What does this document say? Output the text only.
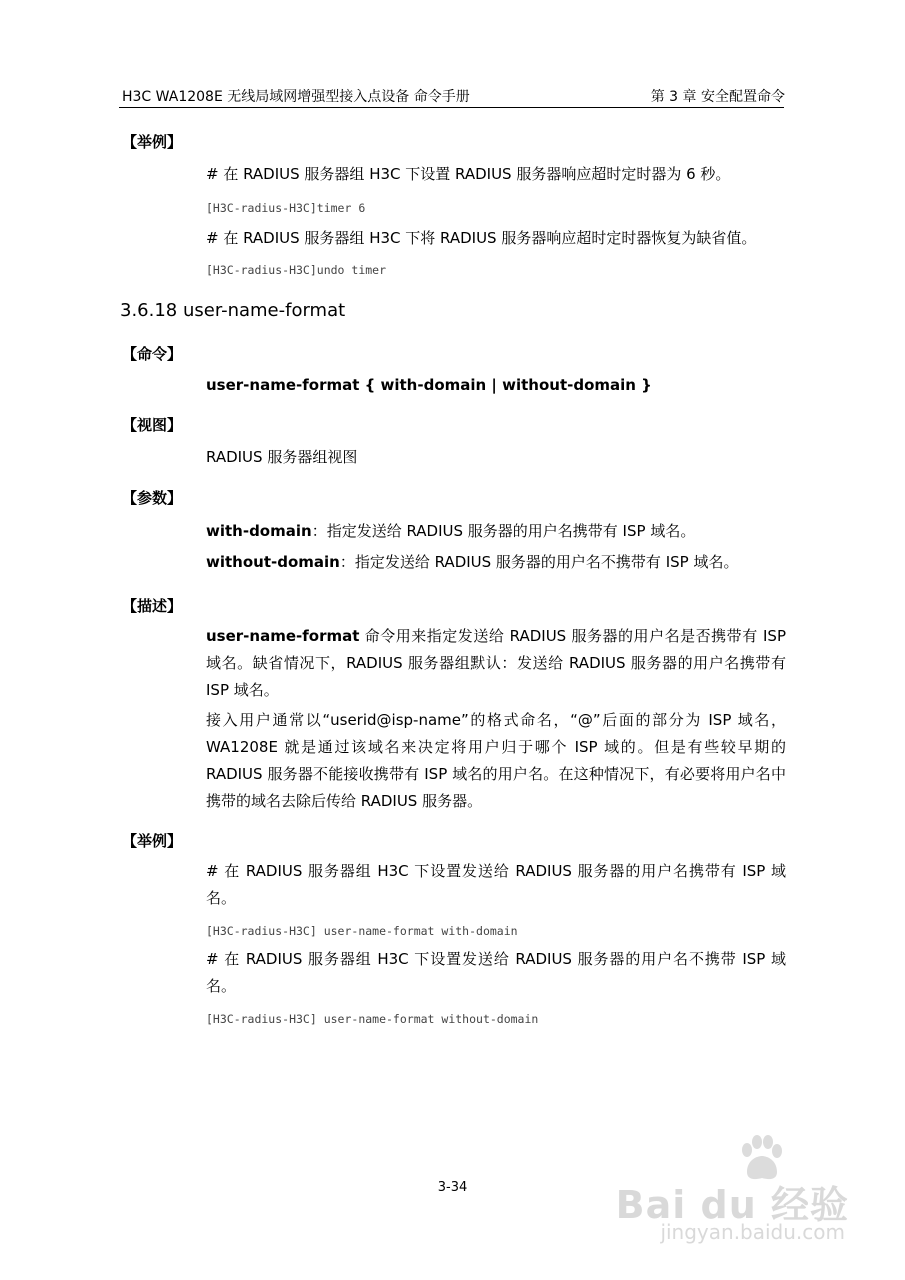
H3C WA1208E 无线局域网增强型接入点设备 命令手册	第 3 章 安全配置命令
【举例】
# 在 RADIUS 服务器组 H3C 下设置 RADIUS 服务器响应超时定时器为 6 秒。
[H3C-radius-H3C]timer 6
# 在 RADIUS 服务器组 H3C 下将 RADIUS 服务器响应超时定时器恢复为缺省值。
[H3C-radius-H3C]undo timer
3.6.18 user-name-format
【命令】
user-name-format { with-domain | without-domain }
【视图】
RADIUS 服务器组视图
【参数】
with-domain：指定发送给 RADIUS 服务器的用户名携带有 ISP 域名。
without-domain：指定发送给 RADIUS 服务器的用户名不携带有 ISP 域名。
【描述】
user-name-format 命令用来指定发送给 RADIUS 服务器的用户名是否携带有 ISP 域名。缺省情况下，RADIUS 服务器组默认：发送给 RADIUS 服务器的用户名携带有 ISP 域名。
接入用户通常以“userid@isp-name”的格式命名，“@”后面的部分为 ISP 域名，WA1208E 就是通过该域名来决定将用户归于哪个 ISP 域的。但是有些较早期的 RADIUS 服务器不能接收携带有 ISP 域名的用户名。在这种情况下，有必要将用户名中携带的域名去除后传给 RADIUS 服务器。
【举例】
# 在 RADIUS 服务器组 H3C 下设置发送给 RADIUS 服务器的用户名携带有 ISP 域名。
[H3C-radius-H3C] user-name-format with-domain
# 在 RADIUS 服务器组 H3C 下设置发送给 RADIUS 服务器的用户名不携带 ISP 域名。
[H3C-radius-H3C] user-name-format without-domain
3-34	Bai du 经验
jingyan.baidu.com
